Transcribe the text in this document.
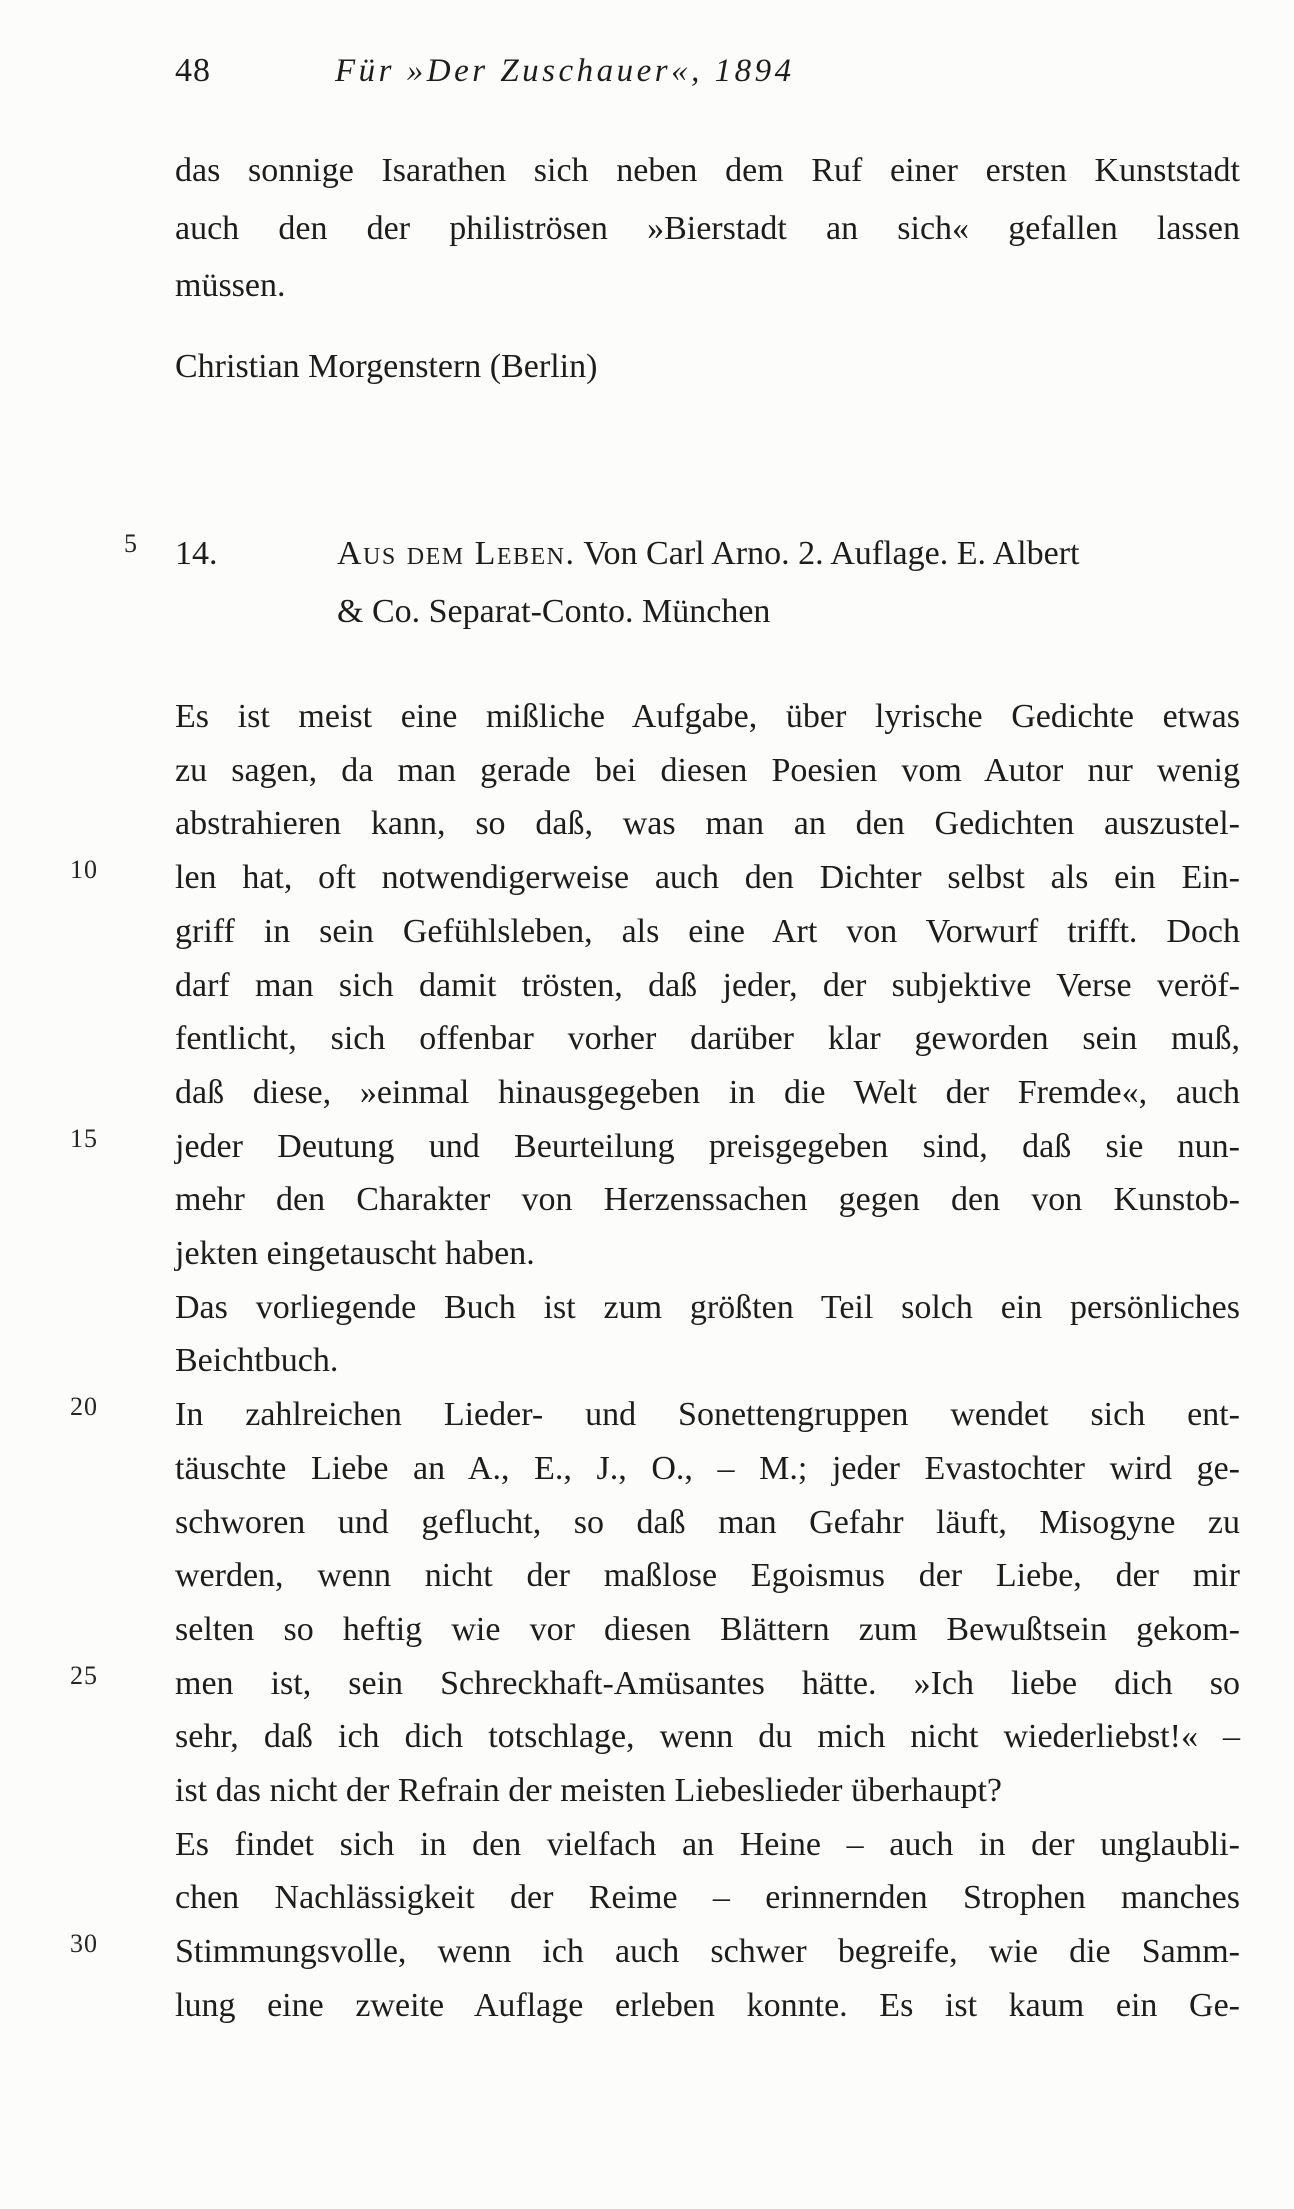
48	Für »Der Zuschauer«, 1894
das sonnige Isarathen sich neben dem Ruf einer ersten Kunststadt
auch den der philiströsen »Bierstadt an sich« gefallen lassen
müssen.
Christian Morgenstern (Berlin)
5 14.	Aus dem Leben. Von Carl Arno. 2. Auflage. E. Albert
& Co. Separat-Conto. München
Es ist meist eine mißliche Aufgabe, über lyrische Gedichte etwas
zu sagen, da man gerade bei diesen Poesien vom Autor nur wenig
abstrahieren kann, so daß, was man an den Gedichten auszustel-
10	len hat, oft notwendigerweise auch den Dichter selbst als ein Ein-
griff in sein Gefühlsleben, als eine Art von Vorwurf trifft. Doch
darf man sich damit trösten, daß jeder, der subjektive Verse veröf-
fentlicht, sich offenbar vorher darüber klar geworden sein muß,
daß diese, »einmal hinausgegeben in die Welt der Fremde«, auch
15	jeder Deutung und Beurteilung preisgegeben sind, daß sie nun-
mehr den Charakter von Herzenssachen gegen den von Kunstob-
jekten eingetauscht haben.
Das vorliegende Buch ist zum größten Teil solch ein persönliches
Beichtbuch.
20	In zahlreichen Lieder- und Sonettengruppen wendet sich ent-
täuschte Liebe an A., E., J., O., – M.; jeder Evastochter wird ge-
schworen und geflucht, so daß man Gefahr läuft, Misogyne zu
werden, wenn nicht der maßlose Egoismus der Liebe, der mir
selten so heftig wie vor diesen Blättern zum Bewußtsein gekom-
25	men ist, sein Schreckhaft-Amüsantes hätte. »Ich liebe dich so
sehr, daß ich dich totschlage, wenn du mich nicht wiederliebst!« –
ist das nicht der Refrain der meisten Liebeslieder überhaupt?
Es findet sich in den vielfach an Heine – auch in der unglaubli-
chen Nachlässigkeit der Reime – erinnernden Strophen manches
30	Stimmungsvolle, wenn ich auch schwer begreife, wie die Samm-
lung eine zweite Auflage erleben konnte. Es ist kaum ein Ge-
